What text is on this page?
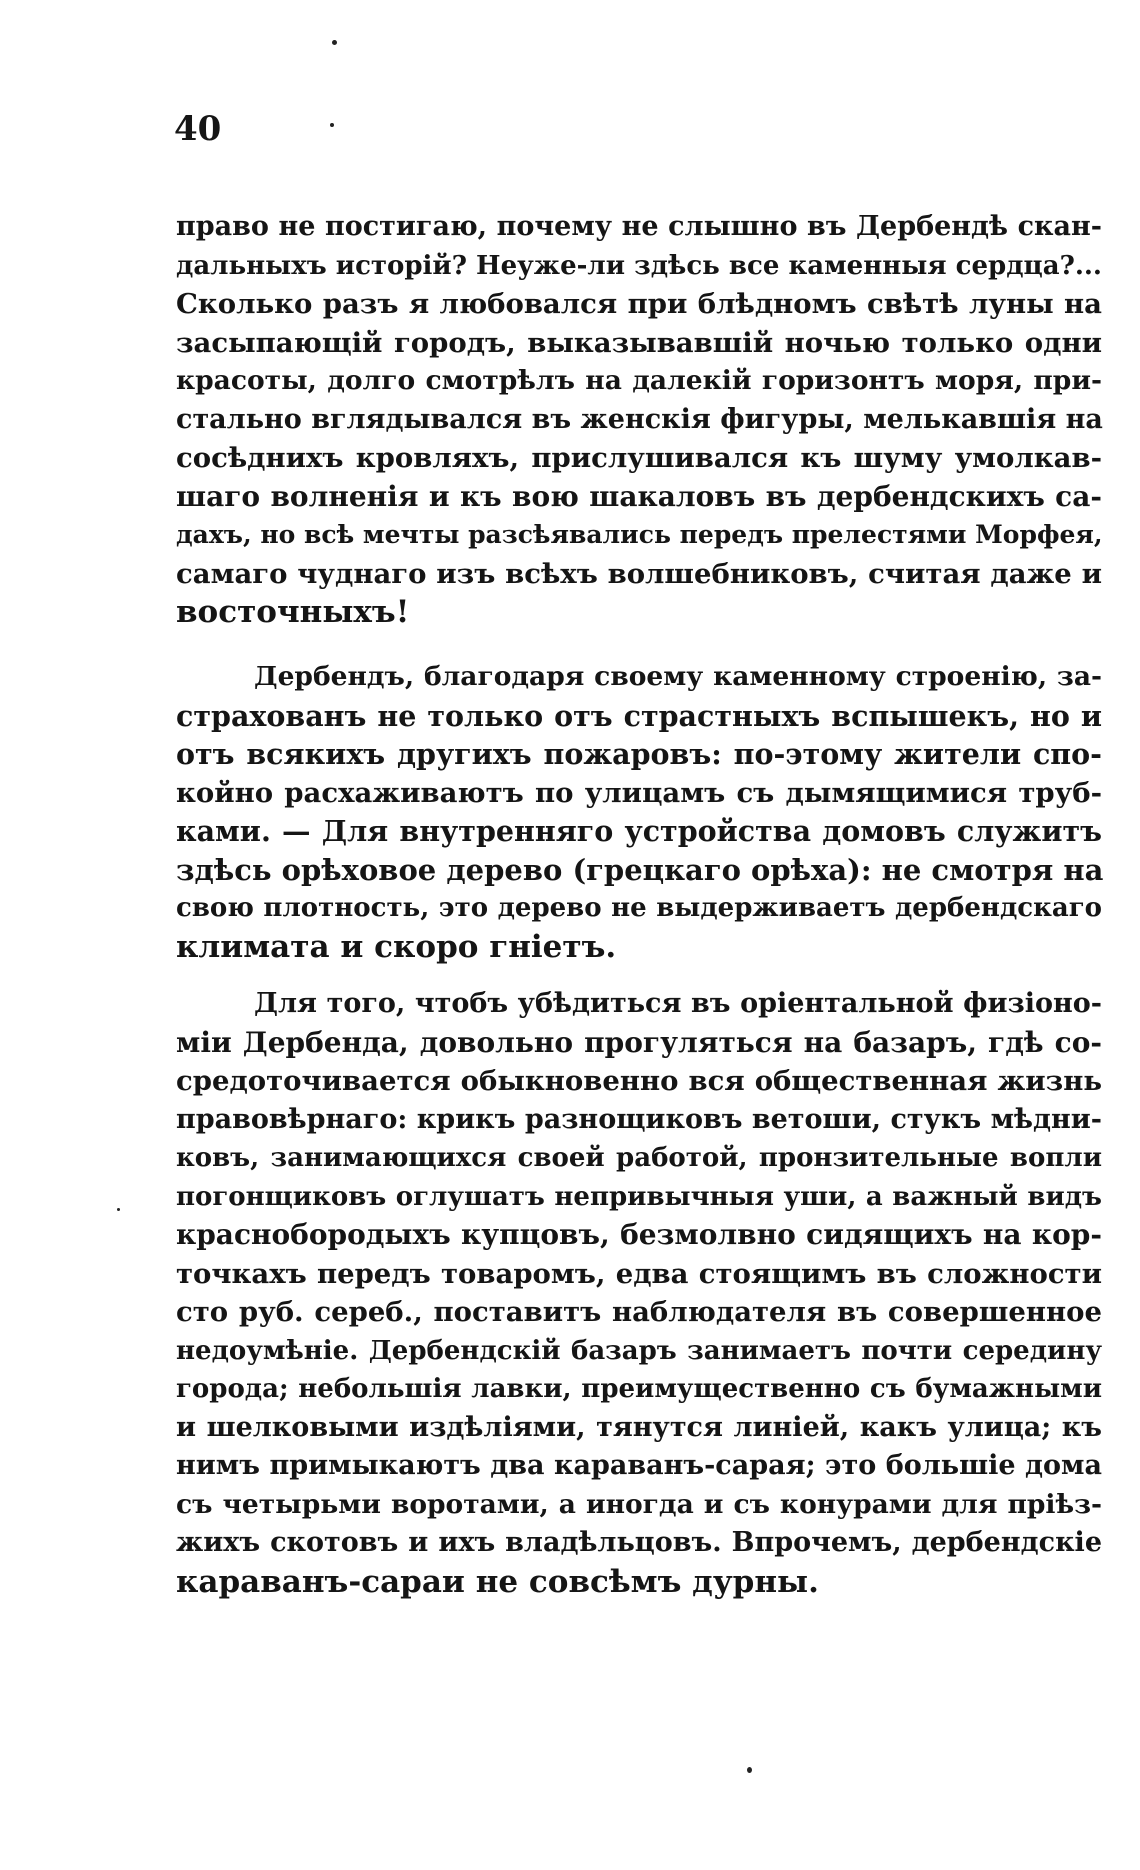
40
право не постигаю, почему не слышно въ Дербендѣ скан-
дальныхъ исторій? Неуже-ли здѣсь все каменныя сердца?...
Сколько разъ я любовался при блѣдномъ свѣтѣ луны на
засыпающій городъ, выказывавшій ночью только одни
красоты, долго смотрѣлъ на далекій горизонтъ моря, при-
стально вглядывался въ женскія фигуры, мелькавшія на
сосѣднихъ кровляхъ, прислушивался къ шуму умолкав-
шаго волненія и къ вою шакаловъ въ дербендскихъ са-
дахъ, но всѣ мечты разсѣявались передъ прелестями Морфея,
самаго чуднаго изъ всѣхъ волшебниковъ, считая даже и
восточныхъ!
Дербендъ, благодаря своему каменному строенію, за-
страхованъ не только отъ страстныхъ вспышекъ, но и
отъ всякихъ другихъ пожаровъ: по-этому жители спо-
койно расхаживаютъ по улицамъ съ дымящимися труб-
ками. — Для внутренняго устройства домовъ служитъ
здѣсь орѣховое дерево (грецкаго орѣха): не смотря на
свою плотность, это дерево не выдерживаетъ дербендскаго
климата и скоро гніетъ.
Для того, чтобъ убѣдиться въ оріентальной физіоно-
міи Дербенда, довольно прогуляться на базаръ, гдѣ со-
средоточивается обыкновенно вся общественная жизнь
правовѣрнаго: крикъ разнощиковъ ветоши, стукъ мѣдни-
ковъ, занимающихся своей работой, пронзительные вопли
погонщиковъ оглушатъ непривычныя уши, а важный видъ
краснобородыхъ купцовъ, безмолвно сидящихъ на кор-
точкахъ передъ товаромъ, едва стоящимъ въ сложности
сто руб. сереб., поставитъ наблюдателя въ совершенное
недоумѣніе. Дербендскій базаръ занимаетъ почти середину
города; небольшія лавки, преимущественно съ бумажными
и шелковыми издѣліями, тянутся линіей, какъ улица; къ
нимъ примыкаютъ два караванъ-сарая; это большіе дома
съ четырьми воротами, а иногда и съ конурами для пріѣз-
жихъ скотовъ и ихъ владѣльцовъ. Впрочемъ, дербендскіе
караванъ-сараи не совсѣмъ дурны.
